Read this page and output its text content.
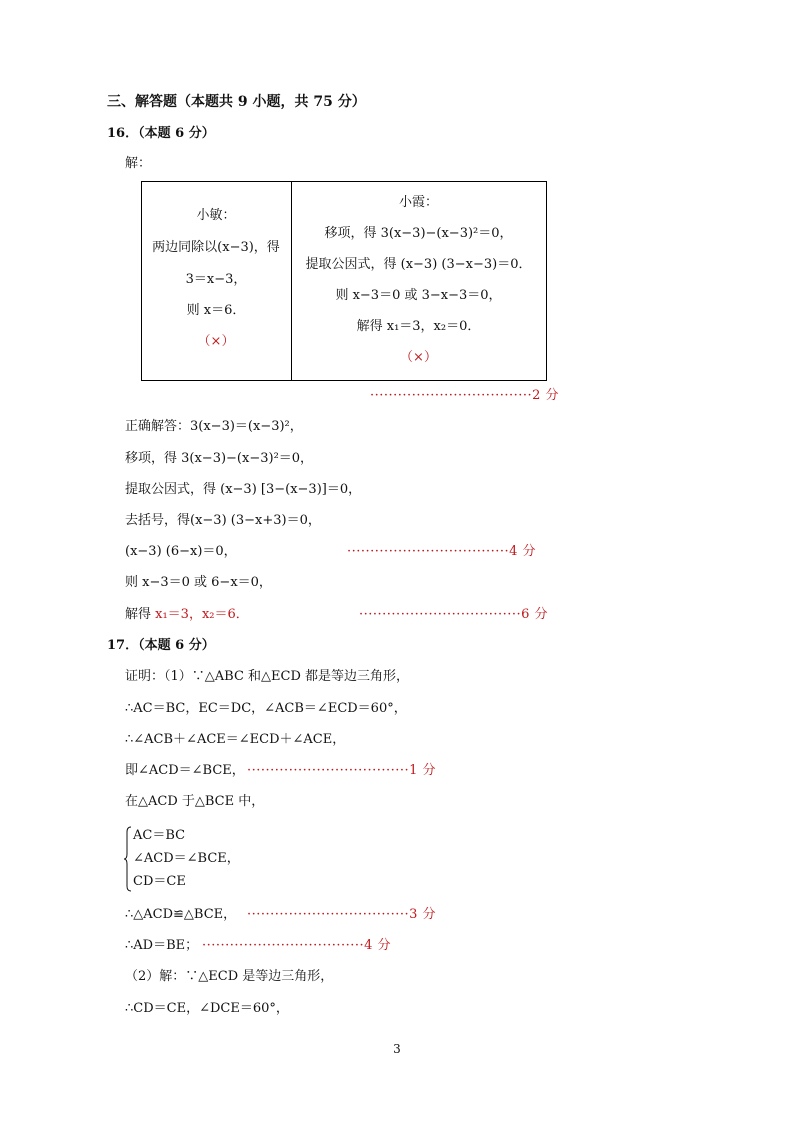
三、解答题（本题共 9 小题，共 75 分）
16．（本题 6 分）
解：
小敏：
两边同除以(x−3)，得
3＝x−3，
则 x＝6．
（×）
小霞：
移项，得 3(x−3)−(x−3)²＝0，
提取公因式，得 (x−3) (3−x−3)＝0．
则 x−3＝0 或 3−x−3＝0，
解得 x₁＝3，x₂＝0．
（×）
···································2 分
正确解答：3(x−3)＝(x−3)²，
移项，得 3(x−3)−(x−3)²＝0，
提取公因式，得 (x−3) [3−(x−3)]＝0，
去括号，得(x−3) (3−x+3)＝0，
(x−3) (6−x)＝0，	···································4 分
则 x−3＝0 或 6−x＝0，
解得 x₁＝3，x₂＝6．	···································6 分
17．（本题 6 分）
证明：（1）∵△ABC 和△ECD 都是等边三角形，
∴AC＝BC，EC＝DC，∠ACB＝∠ECD＝60°，
∴∠ACB＋∠ACE＝∠ECD＋∠ACE，
即∠ACD＝∠BCE， ···································1 分
在△ACD 于△BCE 中，
AC＝BC
∠ACD＝∠BCE，
CD＝CE
∴△ACD≌△BCE， ···································3 分
∴AD＝BE； ···································4 分
（2）解：∵△ECD 是等边三角形，
∴CD＝CE，∠DCE＝60°，
3
